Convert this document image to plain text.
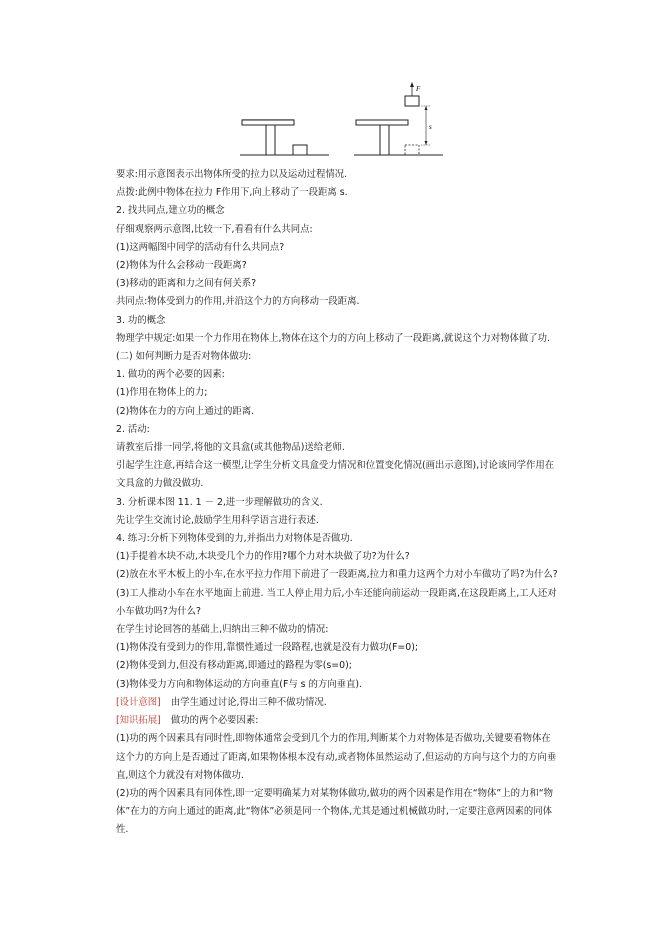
F
s

要求:用示意图表示出物体所受的拉力以及运动过程情况.

点拨:此例中物体在拉力 F作用下,向上移动了一段距离 s.

2. 找共同点,建立功的概念

仔细观察两示意图,比较一下,看看有什么共同点:

(1)这两幅图中同学的活动有什么共同点?

(2)物体为什么会移动一段距离?

(3)移动的距离和力之间有何关系?

共同点:物体受到力的作用,并沿这个力的方向移动一段距离.

3. 功的概念

物理学中规定:如果一个力作用在物体上,物体在这个力的方向上移动了一段距离,就说这个力对物体做了功.

(二) 如何判断力是否对物体做功:

1. 做功的两个必要的因素:

(1)作用在物体上的力;

(2)物体在力的方向上通过的距离.

2. 活动:

请教室后排一同学,将他的文具盒(或其他物品)送给老师.

引起学生注意,再结合这一模型,让学生分析文具盒受力情况和位置变化情况(画出示意图),讨论该同学作用在文具盒的力做没做功.

3. 分析课本图 11. 1 － 2,进一步理解做功的含义.

先让学生交流讨论,鼓励学生用科学语言进行表述.

4. 练习:分析下列物体受到的力,并指出力对物体是否做功.

(1)手提着木块不动,木块受几个力的作用?哪个力对木块做了功?为什么?

(2)放在水平木板上的小车,在水平拉力作用下前进了一段距离,拉力和重力这两个力对小车做功了吗?为什么?

(3)工人推动小车在水平地面上前进. 当工人停止用力后,小车还能向前运动一段距离,在这段距离上,工人还对小车做功吗?为什么?

在学生讨论回答的基础上,归纳出三种不做功的情况:

(1)物体没有受到力的作用,靠惯性通过一段路程,也就是没有力做功(F=0);

(2)物体受到力,但没有移动距离,即通过的路程为零(s=0);

(3)物体受力方向和物体运动的方向垂直(F与 s 的方向垂直).

[设计意图] 由学生通过讨论,得出三种不做功情况.

[知识拓展] 做功的两个必要因素:

(1)功的两个因素具有同时性,即物体通常会受到几个力的作用,判断某个力对物体是否做功,关键要看物体在这个力的方向上是否通过了距离,如果物体根本没有动,或者物体虽然运动了,但运动的方向与这个力的方向垂直,则这个力就没有对物体做功.

(2)功的两个因素具有同体性,即一定要明确某力对某物体做功,做功的两个因素是作用在“物体”上的力和“物体”在力的方向上通过的距离,此“物体”必须是同一个物体,尤其是通过机械做功时,一定要注意两因素的同体性.
